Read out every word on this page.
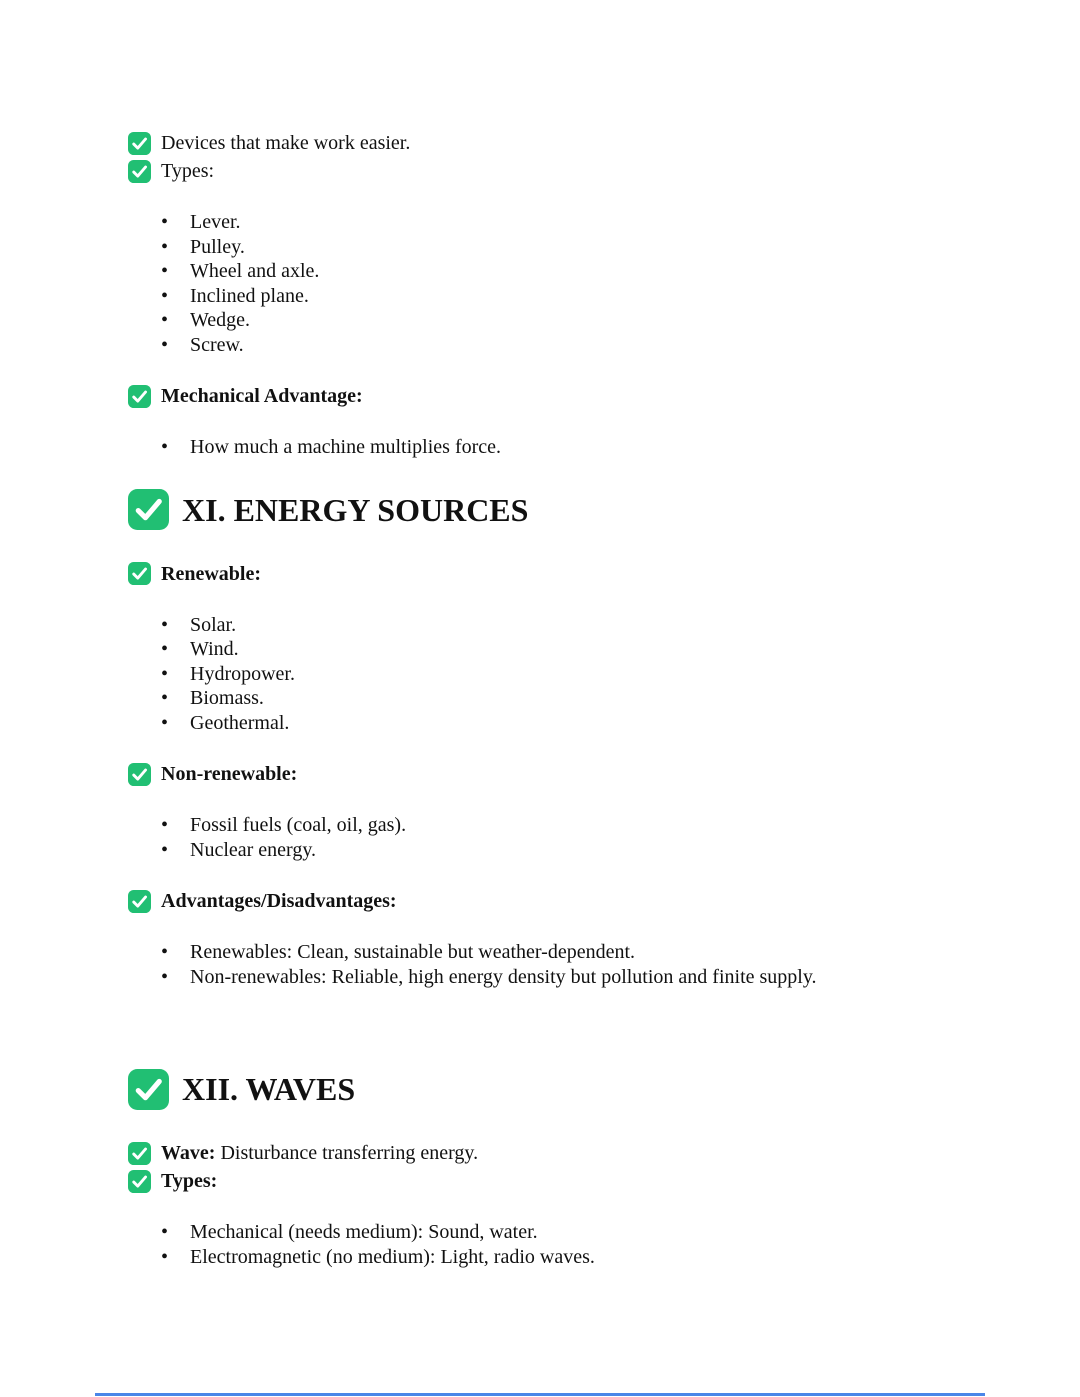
Devices that make work easier.
Types:
• Lever.
• Pulley.
• Wheel and axle.
• Inclined plane.
• Wedge.
• Screw.
Mechanical Advantage:
• How much a machine multiplies force.
XI. ENERGY SOURCES
Renewable:
• Solar.
• Wind.
• Hydropower.
• Biomass.
• Geothermal.
Non-renewable:
• Fossil fuels (coal, oil, gas).
• Nuclear energy.
Advantages/Disadvantages:
• Renewables: Clean, sustainable but weather-dependent.
• Non-renewables: Reliable, high energy density but pollution and finite supply.
XII. WAVES
Wave: Disturbance transferring energy.
Types:
• Mechanical (needs medium): Sound, water.
• Electromagnetic (no medium): Light, radio waves.
